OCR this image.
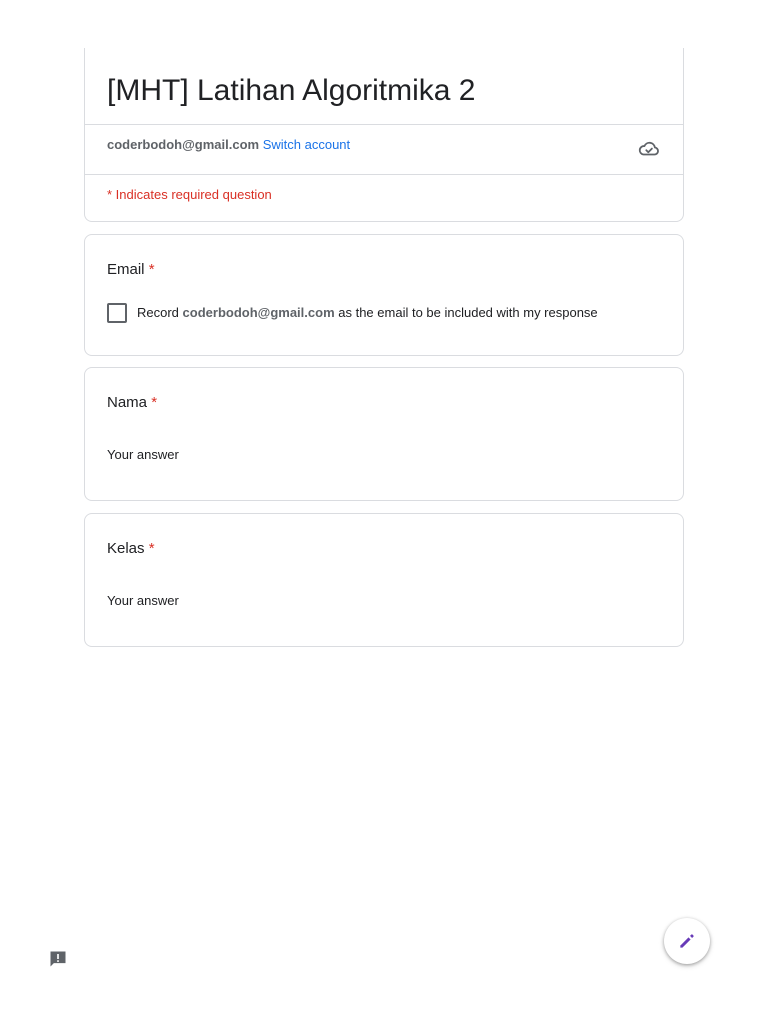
[MHT] Latihan Algoritmika 2
coderbodoh@gmail.com Switch account
* Indicates required question
Email *
Record coderbodoh@gmail.com as the email to be included with my response
Nama *
Your answer
Kelas *
Your answer
